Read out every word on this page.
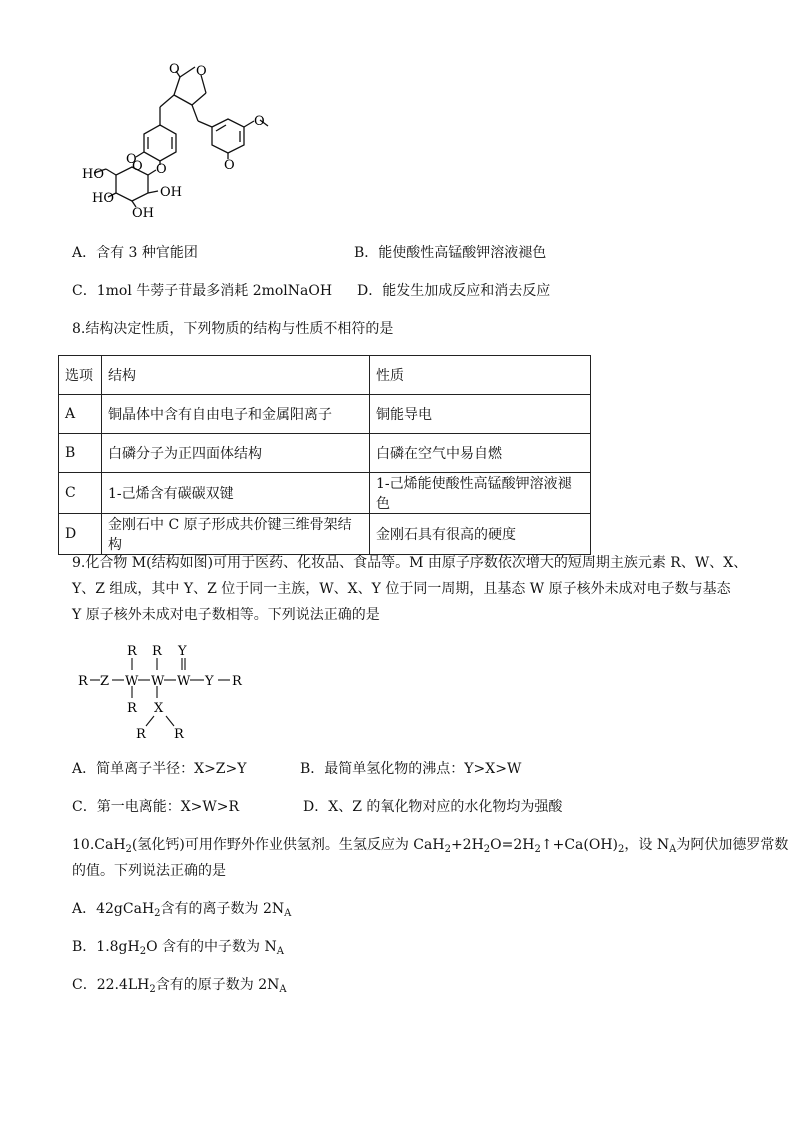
O O
O
O
O
O
O
HO
HO	OH
OH
A．含有 3 种官能团	B．能使酸性高锰酸钾溶液褪色
C．1mol 牛蒡子苷最多消耗 2molNaOH D．能发生加成反应和消去反应
8.结构决定性质，下列物质的结构与性质不相符的是
选项	结构	性质
A	铜晶体中含有自由电子和金属阳离子	铜能导电
B	白磷分子为正四面体结构	白磷在空气中易自燃
C	1-己烯含有碳碳双键	1-己烯能使酸性高锰酸钾溶液褪色
D	金刚石中 C 原子形成共价键三维骨架结构	金刚石具有很高的硬度
9.化合物 M(结构如图)可用于医药、化妆品、食品等。M 由原子序数依次增大的短周期主族元素 R、W、X、
Y、Z 组成，其中 Y、Z 位于同一主族，W、X、Y 位于同一周期，且基态 W 原子核外未成对电子数与基态
Y 原子核外未成对电子数相等。下列说法正确的是
R Z W W W Y R
Y
R R
R X
R R
A．简单离子半径：X>Z>Y	B．最简单氢化物的沸点：Y>X>W
C．第一电离能：X>W>R	D．X、Z 的氧化物对应的水化物均为强酸
10.CaH$_2$(氢化钙)可用作野外作业供氢剂。生氢反应为 $CaH_2+2H_2O=2H_2↑+Ca(OH)_2$，设 $N_A$为阿伏加德罗常数
的值。下列说法正确的是
A．42gCaH$_2$含有的离子数为 $2N_A$
B．$1.8gH_2O$ 含有的中子数为 $N_A$
C．$22.4LH_2$含有的原子数为 $2N_A$
